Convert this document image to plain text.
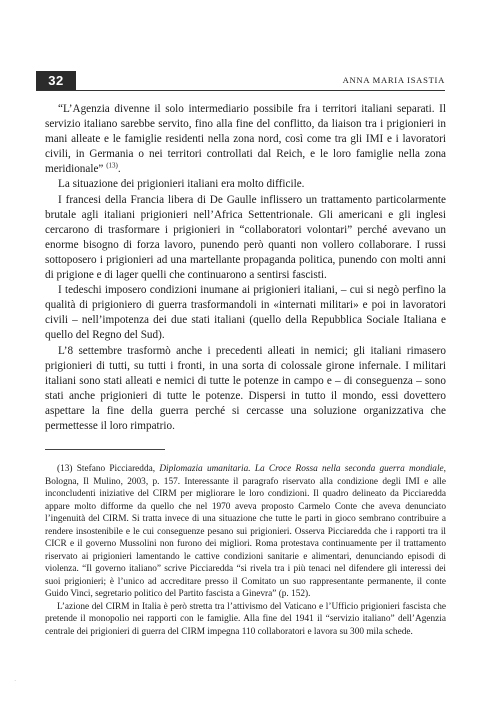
32	ANNA MARIA ISASTIA

“L’Agenzia divenne il solo intermediario possibile fra i territori italiani separati. Il servizio italiano sarebbe servito, fino alla fine del conflitto, da liaison tra i prigionieri in mani alleate e le famiglie residenti nella zona nord, così come tra gli IMI e i lavoratori civili, in Germania o nei territori controllati dal Reich, e le loro famiglie nella zona meridionale” $^{(13)}$.

La situazione dei prigionieri italiani era molto difficile.

I francesi della Francia libera di De Gaulle inflissero un trattamento particolarmente brutale agli italiani prigionieri nell’Africa Settentrionale. Gli americani e gli inglesi cercarono di trasformare i prigionieri in “collaboratori volontari” perché avevano un enorme bisogno di forza lavoro, punendo però quanti non vollero collaborare. I russi sottoposero i prigionieri ad una martellante propaganda politica, punendo con molti anni di prigione e di lager quelli che continuarono a sentirsi fascisti.

I tedeschi imposero condizioni inumane ai prigionieri italiani, – cui si negò perfino la qualità di prigioniero di guerra trasformandoli in «internati militari» e poi in lavoratori civili – nell’impotenza dei due stati italiani (quello della Repubblica Sociale Italiana e quello del Regno del Sud).

L’8 settembre trasformò anche i precedenti alleati in nemici; gli italiani rimasero prigionieri di tutti, su tutti i fronti, in una sorta di colossale girone infernale. I militari italiani sono stati alleati e nemici di tutte le potenze in campo e – di conseguenza – sono stati anche prigionieri di tutte le potenze. Dispersi in tutto il mondo, essi dovettero aspettare la fine della guerra perché si cercasse una soluzione organizzativa che permettesse il loro rimpatrio.

(13) Stefano Picciaredda, Diplomazia umanitaria. La Croce Rossa nella seconda guerra mondiale, Bologna, Il Mulino, 2003, p. 157. Interessante il paragrafo riservato alla condizione degli IMI e alle inconcludenti iniziative del CIRM per migliorare le loro condizioni. Il quadro delineato da Picciaredda appare molto difforme da quello che nel 1970 aveva proposto Carmelo Conte che aveva denunciato l’ingenuità del CIRM. Si tratta invece di una situazione che tutte le parti in gioco sembrano contribuire a rendere insostenibile e le cui conseguenze pesano sui prigionieri. Osserva Picciaredda che i rapporti tra il CICR e il governo Mussolini non furono dei migliori. Roma protestava continuamente per il trattamento riservato ai prigionieri lamentando le cattive condizioni sanitarie e alimentari, denunciando episodi di violenza. “Il governo italiano” scrive Picciaredda “si rivela tra i più tenaci nel difendere gli interessi dei suoi prigionieri; è l’unico ad accreditare presso il Comitato un suo rappresentante permanente, il conte Guido Vinci, segretario politico del Partito fascista a Ginevra” (p. 152).

L’azione del CIRM in Italia è però stretta tra l’attivismo del Vaticano e l’Ufficio prigionieri fascista che pretende il monopolio nei rapporti con le famiglie. Alla fine del 1941 il “servizio italiano” dell’Agenzia centrale dei prigionieri di guerra del CIRM impegna 110 collaboratori e lavora su 300 mila schede.

·
